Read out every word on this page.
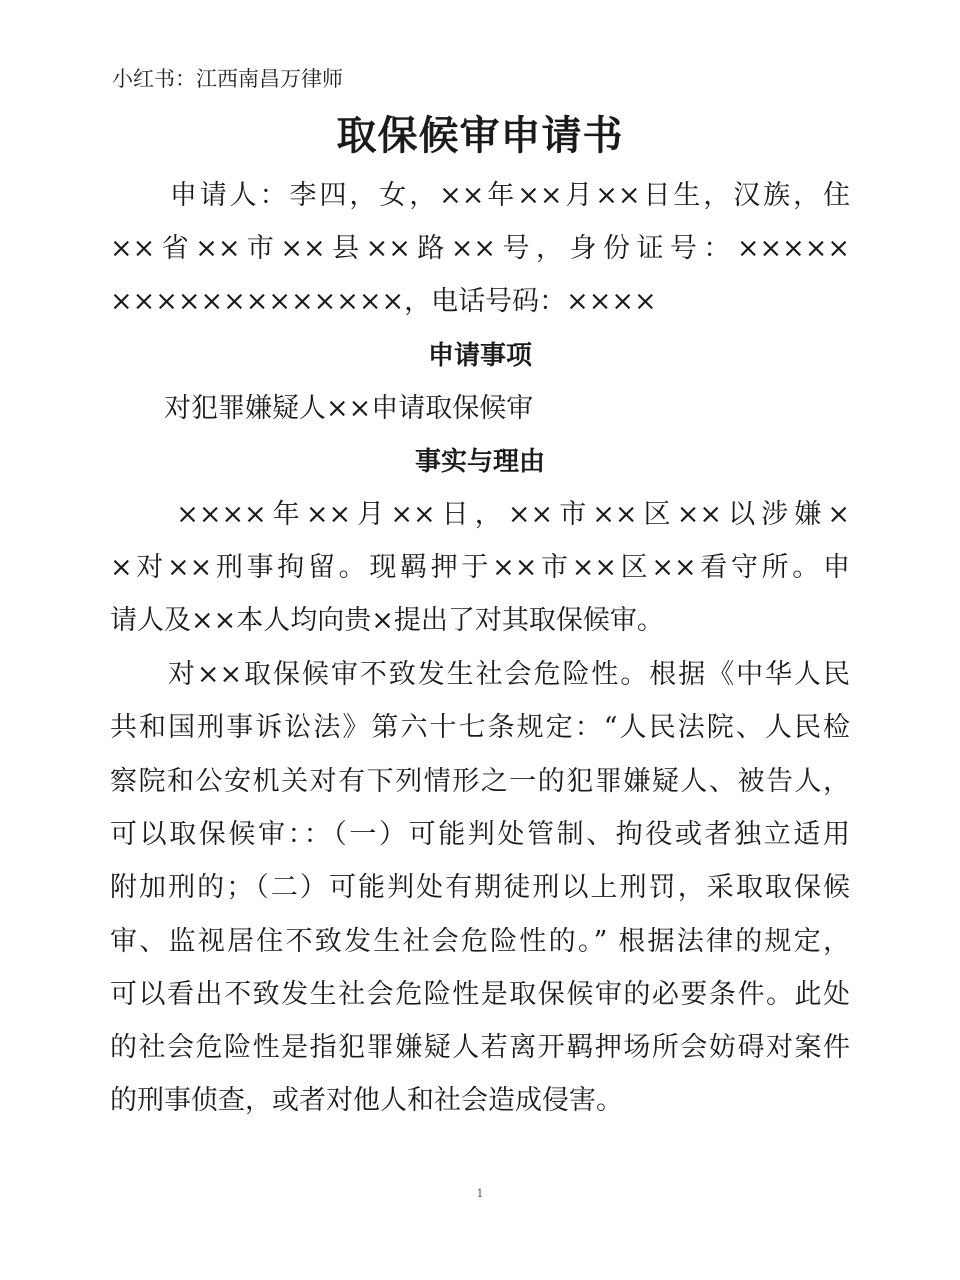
小红书：江西南昌万律师
取保候审申请书
　　申请人：李四，女，××年××月××日生，汉族，住
××省××市××县××路××号，身份证号：×××××
×××××××××××××，电话号码：××××
申请事项
　　对犯罪嫌疑人××申请取保候审
事实与理由
　　××××年××月××日，××市××区××以涉嫌×
×对××刑事拘留。现羁押于××市××区××看守所。申
请人及××本人均向贵×提出了对其取保候审。
　　对××取保候审不致发生社会危险性。根据《中华人民
共和国刑事诉讼法》第六十七条规定：“人民法院、人民检
察院和公安机关对有下列情形之一的犯罪嫌疑人、被告人，
可以取保候审：：（一）可能判处管制、拘役或者独立适用
附加刑的；（二）可能判处有期徒刑以上刑罚，采取取保候
审、监视居住不致发生社会危险性的。” 根据法律的规定，
可以看出不致发生社会危险性是取保候审的必要条件。此处
的社会危险性是指犯罪嫌疑人若离开羁押场所会妨碍对案件
的刑事侦查，或者对他人和社会造成侵害。
1
